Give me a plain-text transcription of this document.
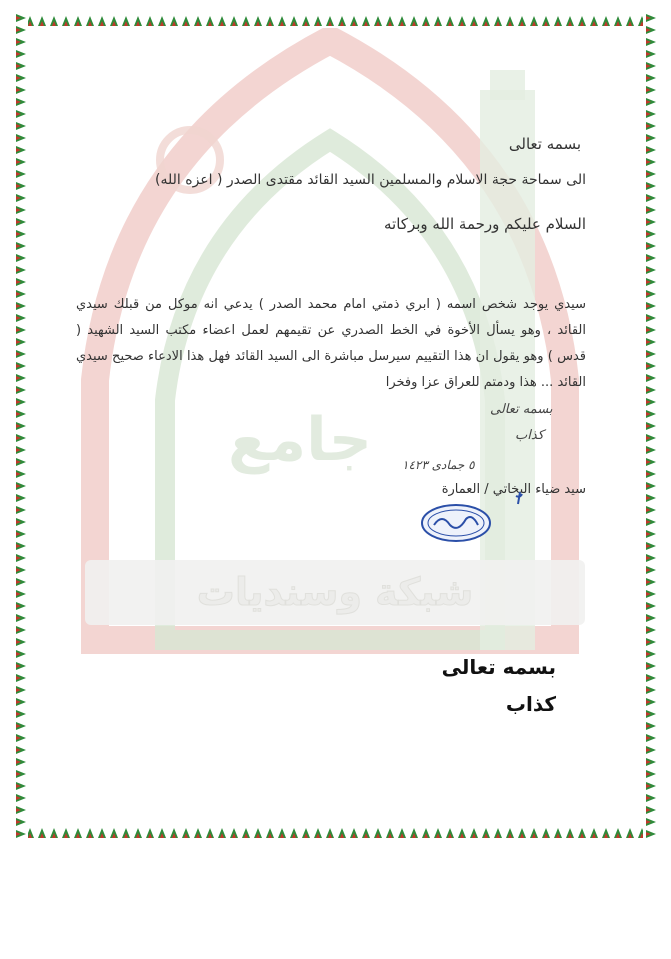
شبكة وسنديات
جامع
بسمه تعالى
الى سماحة حجة الاسلام والمسلمين السيد القائد مقتدى الصدر ( اعزه الله)
السلام عليكم ورحمة الله وبركاته
سيدي يوجد شخص اسمه ( ابري ذمتي امام محمد الصدر ) يدعي انه موكل من قبلك سيدي القائد ، وهو يسأل الأخوة في الخط الصدري عن تقيمهم لعمل اعضاء مكتب السيد الشهيد ( قدس ) وهو يقول ان هذا التقييم سيرسل مباشرة الى السيد القائد فهل هذا الادعاء صحيح سيدي القائد ... هذا ودمتم للعراق عزا وفخرا
بسمه تعالى
كذاب
٥ جمادى ١٤٢٣
سيد ضياء البخاتي / العمارة
بسمه تعالى
كذاب
